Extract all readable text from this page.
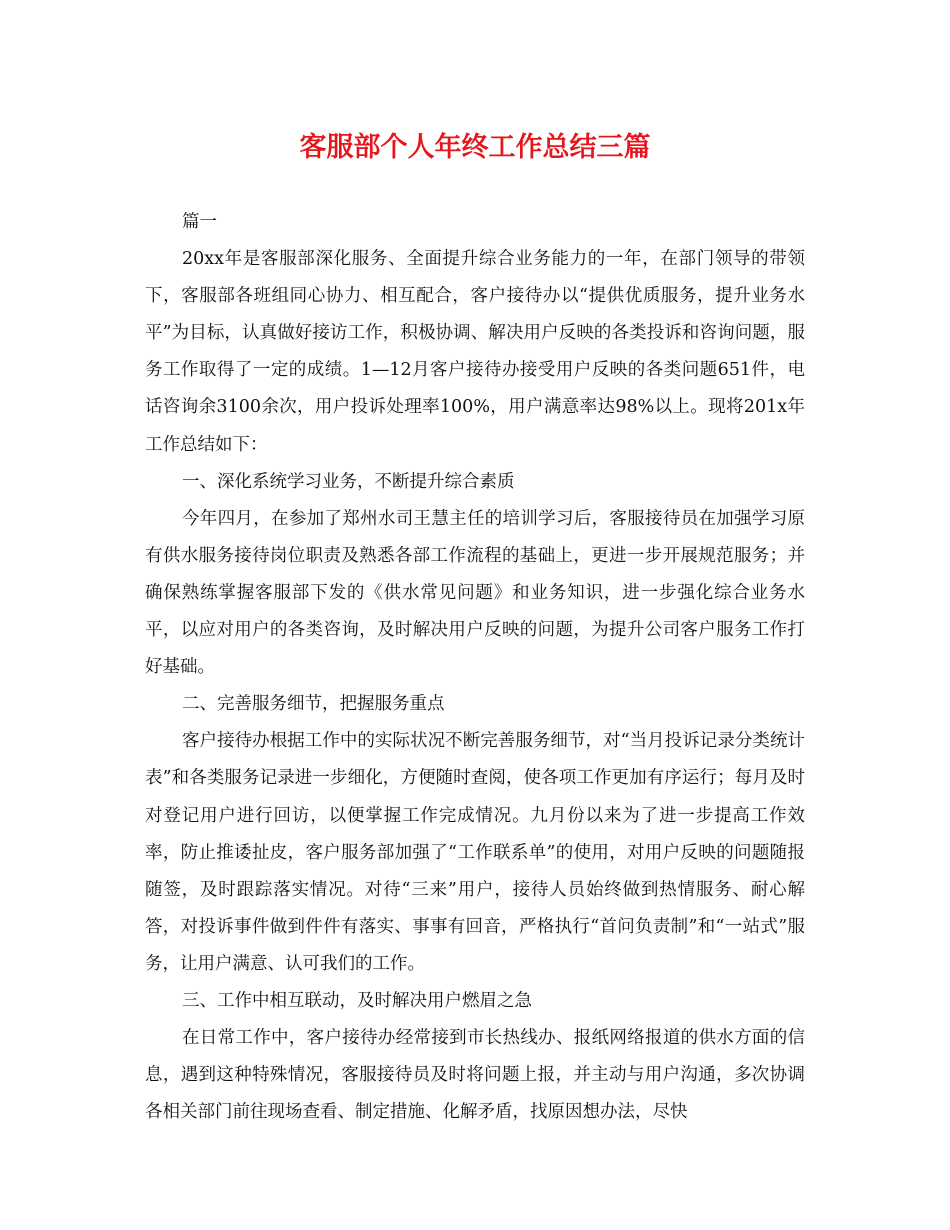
客服部个人年终工作总结三篇

篇一

20xx年是客服部深化服务、全面提升综合业务能力的一年，在部门领导的带领下，客服部各班组同心协力、相互配合，客户接待办以“提供优质服务，提升业务水平”为目标，认真做好接访工作，积极协调、解决用户反映的各类投诉和咨询问题，服务工作取得了一定的成绩。1—12月客户接待办接受用户反映的各类问题651件，电话咨询余3100余次，用户投诉处理率100%，用户满意率达98%以上。现将201x年工作总结如下：

一、深化系统学习业务，不断提升综合素质

今年四月，在参加了郑州水司王慧主任的培训学习后，客服接待员在加强学习原有供水服务接待岗位职责及熟悉各部工作流程的基础上，更进一步开展规范服务；并确保熟练掌握客服部下发的《供水常见问题》和业务知识，进一步强化综合业务水平，以应对用户的各类咨询，及时解决用户反映的问题，为提升公司客户服务工作打好基础。

二、完善服务细节，把握服务重点

客户接待办根据工作中的实际状况不断完善服务细节，对“当月投诉记录分类统计表”和各类服务记录进一步细化，方便随时查阅，使各项工作更加有序运行；每月及时对登记用户进行回访，以便掌握工作完成情况。九月份以来为了进一步提高工作效率，防止推诿扯皮，客户服务部加强了“工作联系单”的使用，对用户反映的问题随报随签，及时跟踪落实情况。对待“三来”用户，接待人员始终做到热情服务、耐心解答，对投诉事件做到件件有落实、事事有回音，严格执行“首问负责制”和“一站式”服务，让用户满意、认可我们的工作。

三、工作中相互联动，及时解决用户燃眉之急

在日常工作中，客户接待办经常接到市长热线办、报纸网络报道的供水方面的信息，遇到这种特殊情况，客服接待员及时将问题上报，并主动与用户沟通，多次协调各相关部门前往现场查看、制定措施、化解矛盾，找原因想办法，尽快
